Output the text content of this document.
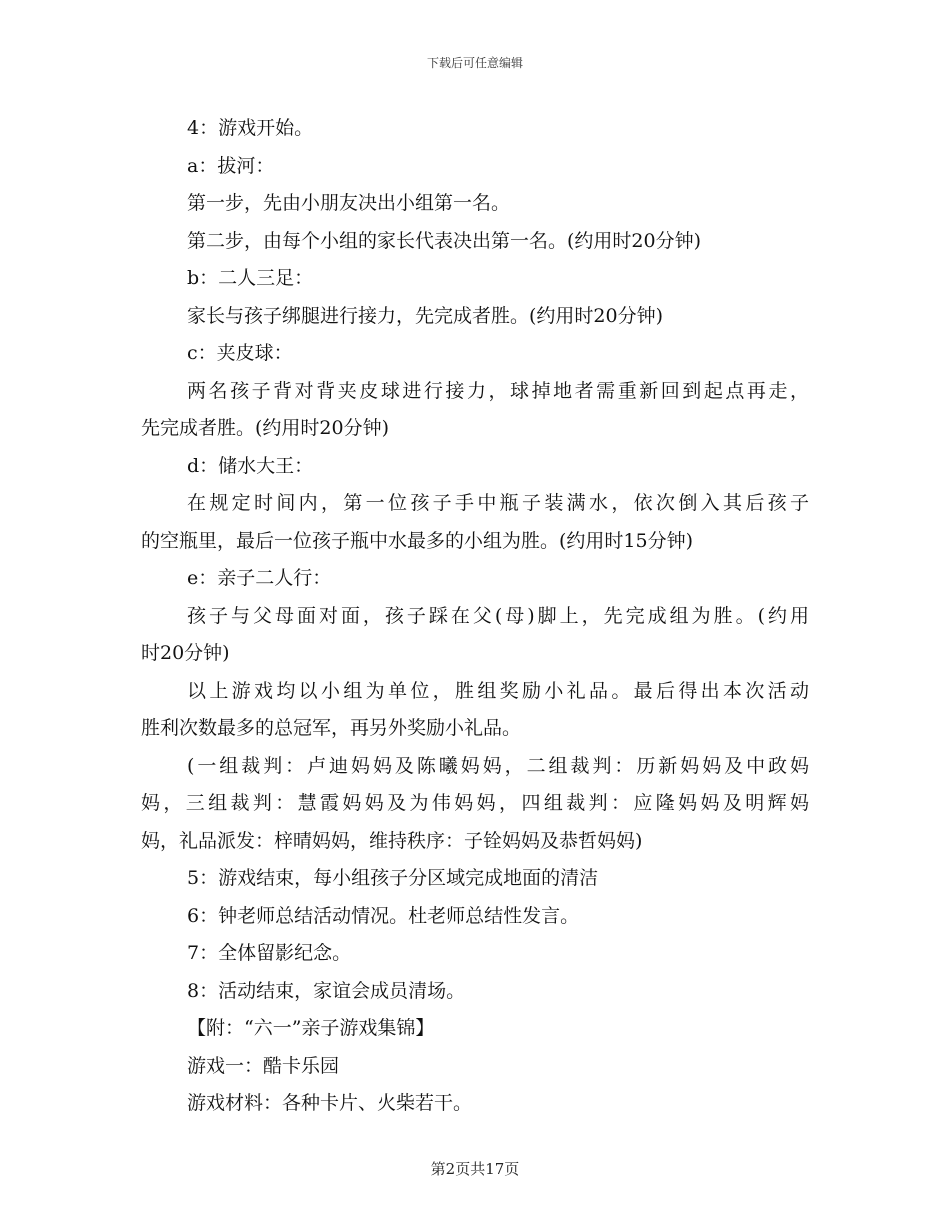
下载后可任意编辑

4：游戏开始。

a：拔河：

第一步，先由小朋友决出小组第一名。

第二步，由每个小组的家长代表决出第一名。(约用时20分钟)

b：二人三足：

家长与孩子绑腿进行接力，先完成者胜。(约用时20分钟)

c：夹皮球：

两名孩子背对背夹皮球进行接力，球掉地者需重新回到起点再走，

先完成者胜。(约用时20分钟)

d：储水大王：

在规定时间内，第一位孩子手中瓶子装满水，依次倒入其后孩子

的空瓶里，最后一位孩子瓶中水最多的小组为胜。(约用时15分钟)

e：亲子二人行：

孩子与父母面对面，孩子踩在父(母)脚上，先完成组为胜。(约用

时20分钟)

以上游戏均以小组为单位，胜组奖励小礼品。最后得出本次活动

胜利次数最多的总冠军，再另外奖励小礼品。

(一组裁判：卢迪妈妈及陈曦妈妈，二组裁判：历新妈妈及中政妈

妈，三组裁判：慧霞妈妈及为伟妈妈，四组裁判：应隆妈妈及明辉妈

妈，礼品派发：梓晴妈妈，维持秩序：子铨妈妈及恭哲妈妈)

5：游戏结束，每小组孩子分区域完成地面的清洁

6：钟老师总结活动情况。杜老师总结性发言。

7：全体留影纪念。

8：活动结束，家谊会成员清场。

【附：“六一”亲子游戏集锦】

游戏一：酷卡乐园

游戏材料：各种卡片、火柴若干。

第2页共17页
